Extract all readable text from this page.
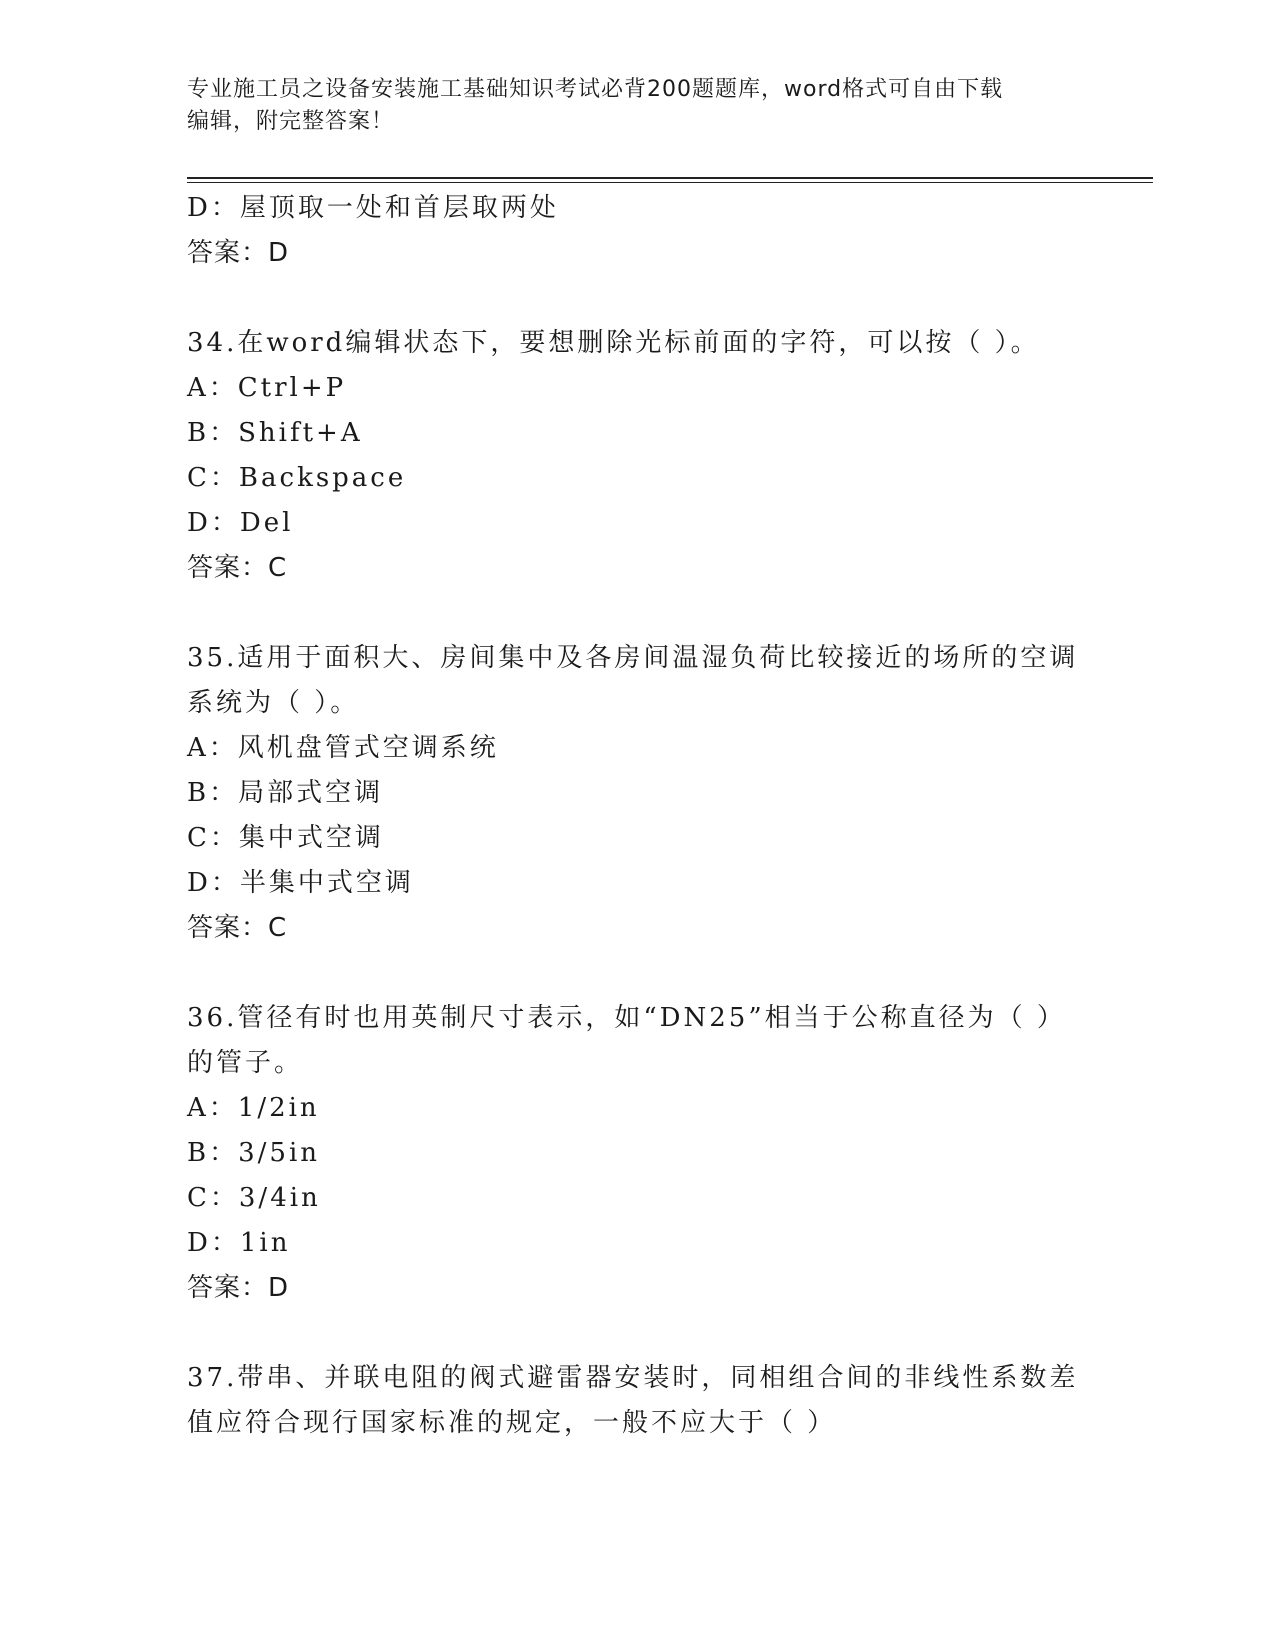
专业施工员之设备安装施工基础知识考试必背200题题库，word格式可自由下载
编辑，附完整答案！
D：屋顶取一处和首层取两处
答案：D
34.在word编辑状态下，要想删除光标前面的字符，可以按（ ）。
A：Ctrl+P
B：Shift+A
C：Backspace
D：Del
答案：C
35.适用于面积大、房间集中及各房间温湿负荷比较接近的场所的空调
系统为（ ）。
A：风机盘管式空调系统
B：局部式空调
C：集中式空调
D：半集中式空调
答案：C
36.管径有时也用英制尺寸表示，如“DN25”相当于公称直径为（ ）
的管子。
A：1/2in
B：3/5in
C：3/4in
D：1in
答案：D
37.带串、并联电阻的阀式避雷器安装时，同相组合间的非线性系数差
值应符合现行国家标准的规定，一般不应大于（ ）
